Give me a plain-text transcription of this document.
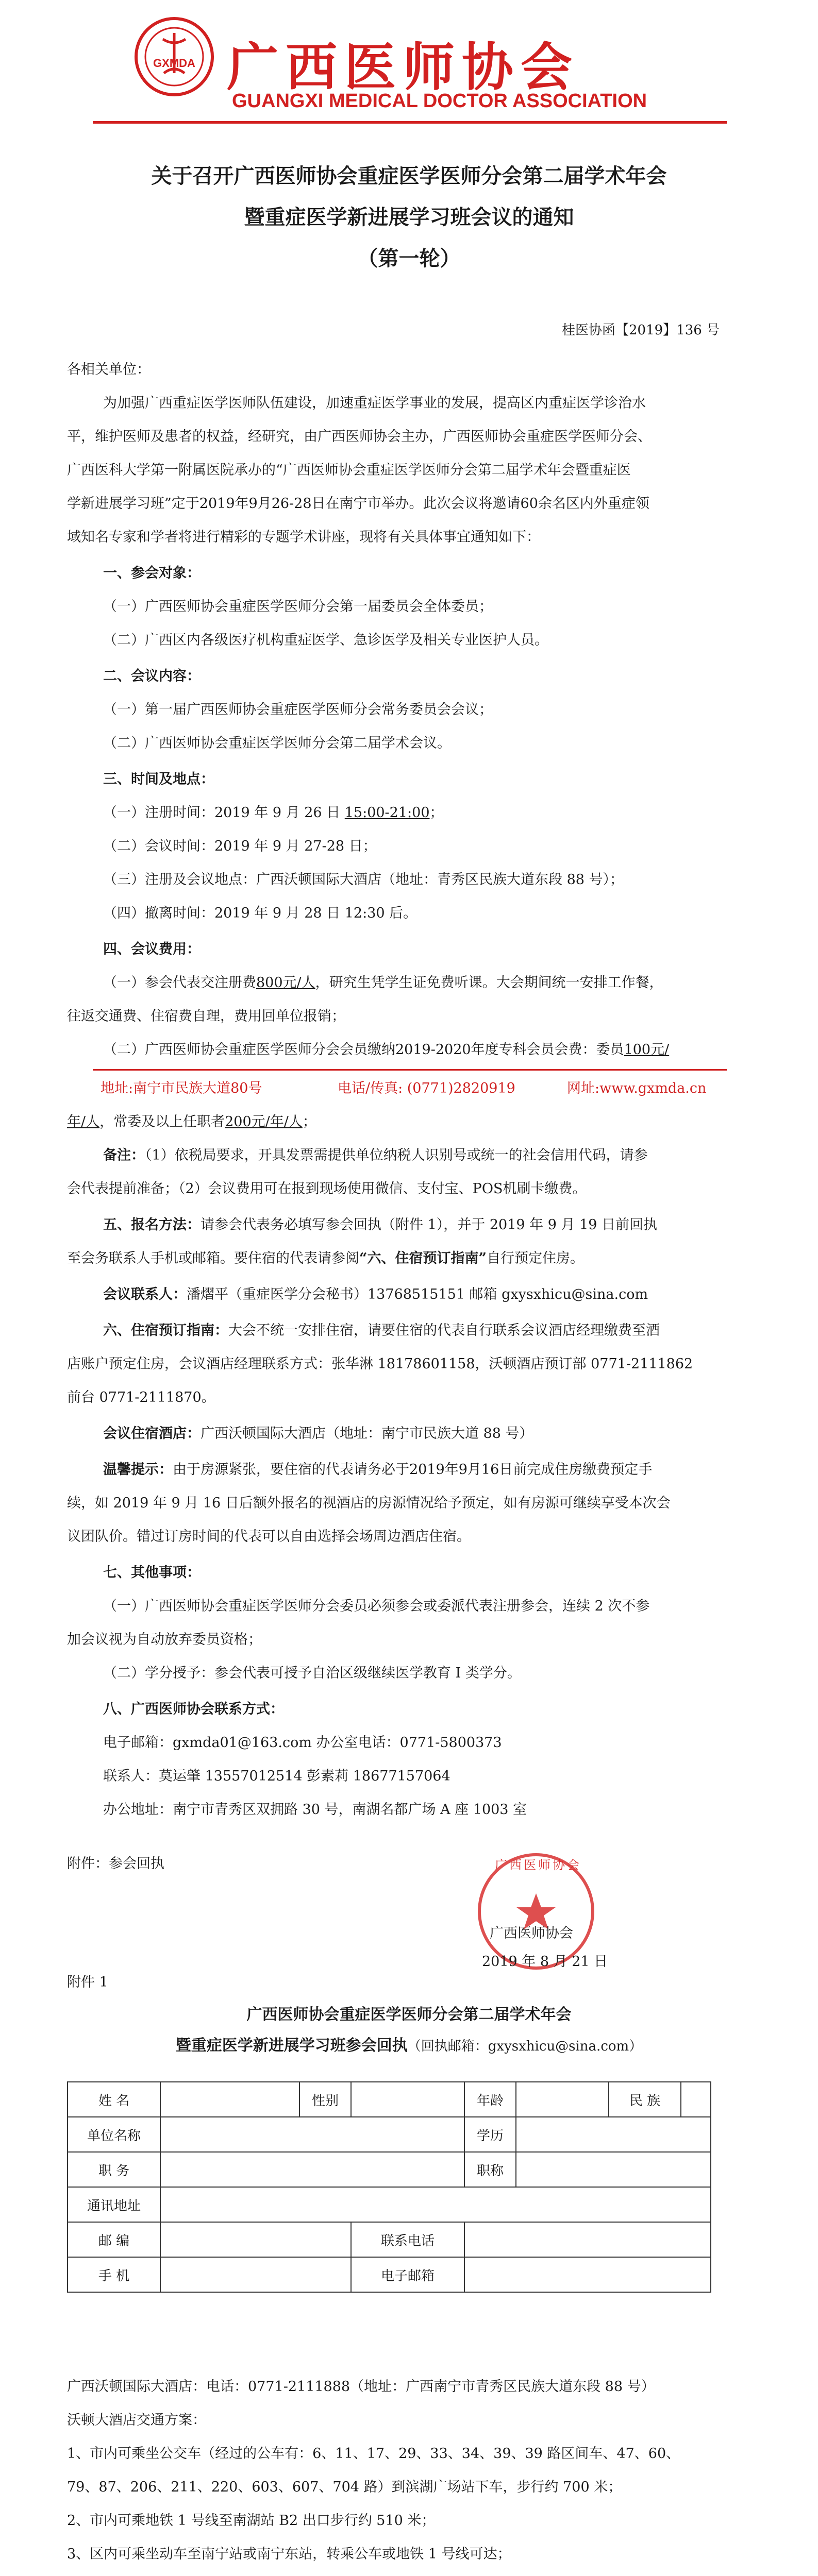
GXMDA 广西医师协会
GUANGXI MEDICAL DOCTOR ASSOCIATION
关于召开广西医师协会重症医学医师分会第二届学术年会
暨重症医学新进展学习班会议的通知
（第一轮）
桂医协函【2019】136 号
各相关单位：
为加强广西重症医学医师队伍建设，加速重症医学事业的发展，提高区内重症医学诊治水
平，维护医师及患者的权益，经研究，由广西医师协会主办，广西医师协会重症医学医师分会、
广西医科大学第一附属医院承办的“广西医师协会重症医学医师分会第二届学术年会暨重症医
学新进展学习班”定于2019年9月26-28日在南宁市举办。此次会议将邀请60余名区内外重症领
域知名专家和学者将进行精彩的专题学术讲座，现将有关具体事宜通知如下：
一、参会对象：
（一）广西医师协会重症医学医师分会第一届委员会全体委员；
（二）广西区内各级医疗机构重症医学、急诊医学及相关专业医护人员。
二、会议内容：
（一）第一届广西医师协会重症医学医师分会常务委员会会议；
（二）广西医师协会重症医学医师分会第二届学术会议。
三、时间及地点：
（一）注册时间：2019 年 9 月 26 日 15:00-21:00；
（二）会议时间：2019 年 9 月 27-28 日；
（三）注册及会议地点：广西沃顿国际大酒店（地址：青秀区民族大道东段 88 号）；
（四）撤离时间：2019 年 9 月 28 日 12:30 后。
四、会议费用：
（一）参会代表交注册费800元/人，研究生凭学生证免费听课。大会期间统一安排工作餐，
往返交通费、住宿费自理，费用回单位报销；
（二）广西医师协会重症医学医师分会会员缴纳2019-2020年度专科会员会费：委员100元/
地址:南宁市民族大道80号	电话/传真: (0771)2820919	网址:www.gxmda.cn
年/人，常委及以上任职者200元/年/人；
备注：（1）依税局要求，开具发票需提供单位纳税人识别号或统一的社会信用代码，请参
会代表提前准备；（2）会议费用可在报到现场使用微信、支付宝、POS机刷卡缴费。
五、报名方法：请参会代表务必填写参会回执（附件 1），并于 2019 年 9 月 19 日前回执
至会务联系人手机或邮箱。要住宿的代表请参阅“六、住宿预订指南”自行预定住房。
会议联系人：潘熠平（重症医学分会秘书）13768515151 邮箱 gxysxhicu@sina.com
六、住宿预订指南：大会不统一安排住宿，请要住宿的代表自行联系会议酒店经理缴费至酒
店账户预定住房，会议酒店经理联系方式：张华淋 18178601158，沃顿酒店预订部 0771-2111862
前台 0771-2111870。
会议住宿酒店：广西沃顿国际大酒店（地址：南宁市民族大道 88 号）
温馨提示：由于房源紧张，要住宿的代表请务必于2019年9月16日前完成住房缴费预定手
续，如 2019 年 9 月 16 日后额外报名的视酒店的房源情况给予预定，如有房源可继续享受本次会
议团队价。错过订房时间的代表可以自由选择会场周边酒店住宿。
七、其他事项：
（一）广西医师协会重症医学医师分会委员必须参会或委派代表注册参会，连续 2 次不参
加会议视为自动放弃委员资格；
（二）学分授予：参会代表可授予自治区级继续医学教育 I 类学分。
八、广西医师协会联系方式：
电子邮箱：gxmda01@163.com 办公室电话：0771-5800373
联系人：莫运肇 13557012514 彭素莉 18677157064
办公地址：南宁市青秀区双拥路 30 号，南湖名都广场 A 座 1003 室
附件：参会回执	广西医师协会
广西医师协会
2019 年 8 月 21 日
附件 1
广西医师协会重症医学医师分会第二届学术年会
暨重症医学新进展学习班参会回执（回执邮箱：gxysxhicu@sina.com）
姓 名		性别		年龄		民 族	
单位名称				学历			
职 务				职称			
通讯地址							
邮 编			联系电话				
手 机			电子邮箱				
广西沃顿国际大酒店：电话：0771-2111888（地址：广西南宁市青秀区民族大道东段 88 号）
沃顿大酒店交通方案：
1、市内可乘坐公交车（经过的公车有：6、11、17、29、33、34、39、39 路区间车、47、60、
79、87、206、211、220、603、607、704 路）到滨湖广场站下车，步行约 700 米；
2、市内可乘地铁 1 号线至南湖站 B2 出口步行约 510 米；
3、区内可乘坐动车至南宁站或南宁东站，转乘公车或地铁 1 号线可达；
